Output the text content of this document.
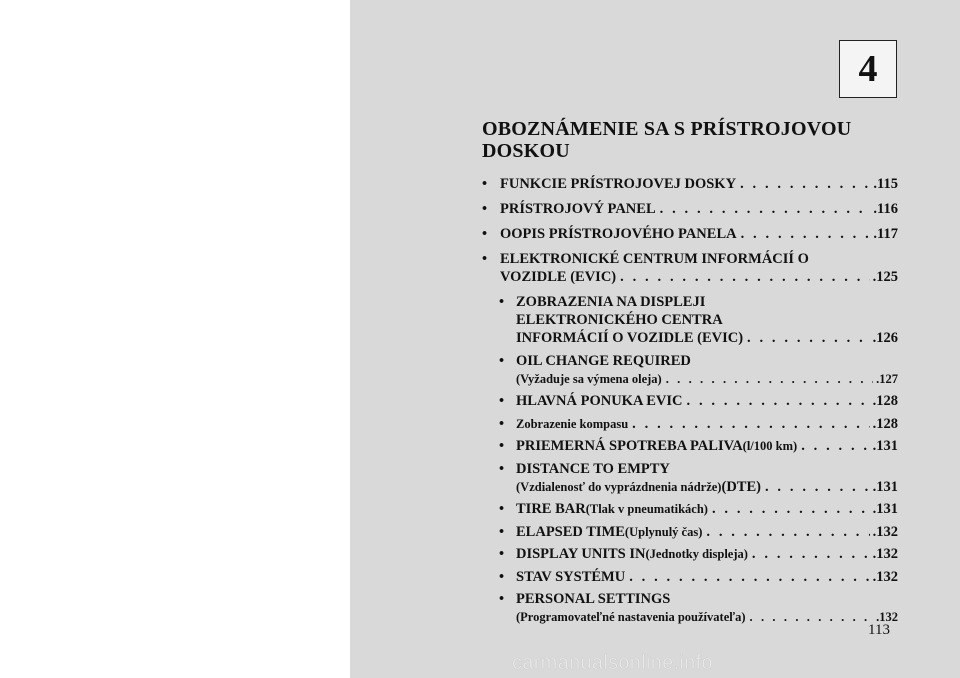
4
OBOZNÁMENIE SA S PRÍSTROJOVOU
DOSKOU
• FUNKCIE PRÍSTROJOVEJ DOSKY . . .	.115
• PRÍSTROJOVÝ PANEL . . .	.116
• OOPIS PRÍSTROJOVÉHO PANELA . . .	.117
• ELEKTRONICKÉ CENTRUM INFORMÁCIÍ O
VOZIDLE (EVIC) . . .	.125
• ZOBRAZENIA NA DISPLEJI
ELEKTRONICKÉHO CENTRA
INFORMÁCIÍ O VOZIDLE (EVIC) . . .	.126
• OIL CHANGE REQUIRED
(Vyžaduje sa výmena oleja) . . .	.127
• HLAVNÁ PONUKA EVIC . . .	.128
• Zobrazenie kompasu . . .	.128
• PRIEMERNÁ SPOTREBA PALIVA (l/100 km) . . .	.131
• DISTANCE TO EMPTY
(Vzdialenosť do vyprázdnenia nádrže) (DTE) . . .	.131
• TIRE BAR (Tlak v pneumatikách) . . .	.131
• ELAPSED TIME (Uplynulý čas) . . .	.132
• DISPLAY UNITS IN (Jednotky displeja) . . .	.132
• STAV SYSTÉMU . . .	.132
• PERSONAL SETTINGS
(Programovateľné nastavenia používateľa) . . .	.132
113
carmanualsonline.info
